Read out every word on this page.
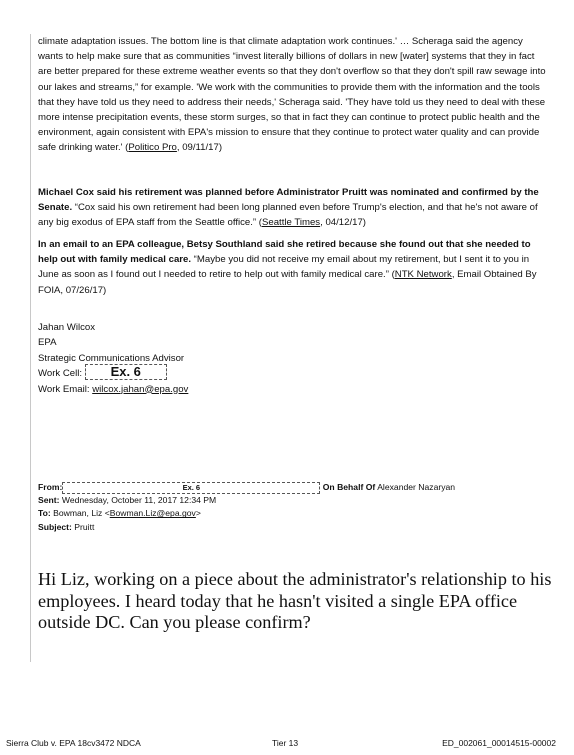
climate adaptation issues. The bottom line is that climate adaptation work continues.' … Scheraga said the agency wants to help make sure that as communities “invest literally billions of dollars in new [water] systems that they in fact are better prepared for these extreme weather events so that they don't overflow so that they don't spill raw sewage into our lakes and streams,” for example. 'We work with the communities to provide them with the information and the tools that they have told us they need to address their needs,' Scheraga said. 'They have told us they need to deal with these more intense precipitation events, these storm surges, so that in fact they can continue to protect public health and the environment, again consistent with EPA's mission to ensure that they continue to protect water quality and can provide safe drinking water.' (Politico Pro, 09/11/17)

Michael Cox said his retirement was planned before Administrator Pruitt was nominated and confirmed by the Senate. “Cox said his own retirement had been long planned even before Trump's election, and that he's not aware of any big exodus of EPA staff from the Seattle office.” (Seattle Times, 04/12/17)

In an email to an EPA colleague, Betsy Southland said she retired because she found out that she needed to help out with family medical care. “Maybe you did not receive my email about my retirement, but I sent it to you in June as soon as I found out I needed to retire to help out with family medical care.” (NTK Network, Email Obtained By FOIA, 07/26/17)

Jahan Wilcox
EPA
Strategic Communications Advisor
Work Cell: Ex. 6
Work Email: wilcox.jahan@epa.gov
From:	Ex. 6	On Behalf Of Alexander Nazaryan
Sent: Wednesday, October 11, 2017 12:34 PM
To: Bowman, Liz <Bowman.Liz@epa.gov>
Subject: Pruitt
Hi Liz, working on a piece about the administrator's relationship to his employees. I heard today that he hasn't visited a single EPA office outside DC. Can you please confirm?
Sierra Club v. EPA 18cv3472 NDCA	Tier 13	ED_002061_00014515-00002
